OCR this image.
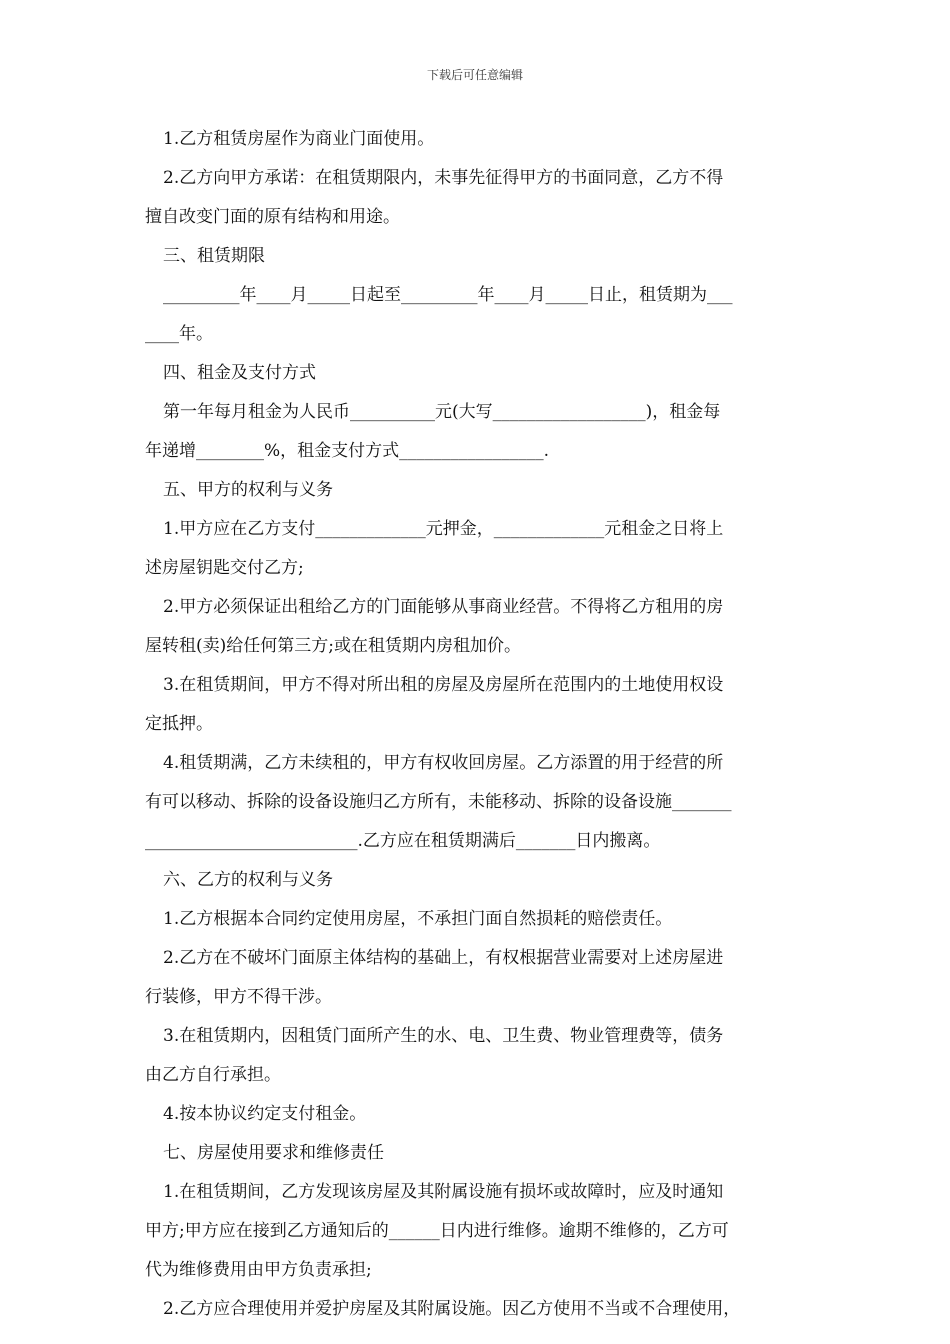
下载后可任意编辑
1.乙方租赁房屋作为商业门面使用。
2.乙方向甲方承诺：在租赁期限内，未事先征得甲方的书面同意，乙方不得
擅自改变门面的原有结构和用途。
三、租赁期限
_________年____月_____日起至_________年____月_____日止，租赁期为___
____年。
四、租金及支付方式
第一年每月租金为人民币__________元(大写__________________)，租金每
年递增________%，租金支付方式_________________.
五、甲方的权利与义务
1.甲方应在乙方支付_____________元押金，_____________元租金之日将上
述房屋钥匙交付乙方;
2.甲方必须保证出租给乙方的门面能够从事商业经营。不得将乙方租用的房
屋转租(卖)给任何第三方;或在租赁期内房租加价。
3.在租赁期间，甲方不得对所出租的房屋及房屋所在范围内的土地使用权设
定抵押。
4.租赁期满，乙方未续租的，甲方有权收回房屋。乙方添置的用于经营的所
有可以移动、拆除的设备设施归乙方所有，未能移动、拆除的设备设施_______
_________________________.乙方应在租赁期满后_______日内搬离。
六、乙方的权利与义务
1.乙方根据本合同约定使用房屋，不承担门面自然损耗的赔偿责任。
2.乙方在不破坏门面原主体结构的基础上，有权根据营业需要对上述房屋进
行装修，甲方不得干涉。
3.在租赁期内，因租赁门面所产生的水、电、卫生费、物业管理费等，债务
由乙方自行承担。
4.按本协议约定支付租金。
七、房屋使用要求和维修责任
1.在租赁期间，乙方发现该房屋及其附属设施有损坏或故障时，应及时通知
甲方;甲方应在接到乙方通知后的______日内进行维修。逾期不维修的，乙方可
代为维修费用由甲方负责承担;
2.乙方应合理使用并爱护房屋及其附属设施。因乙方使用不当或不合理使用，
